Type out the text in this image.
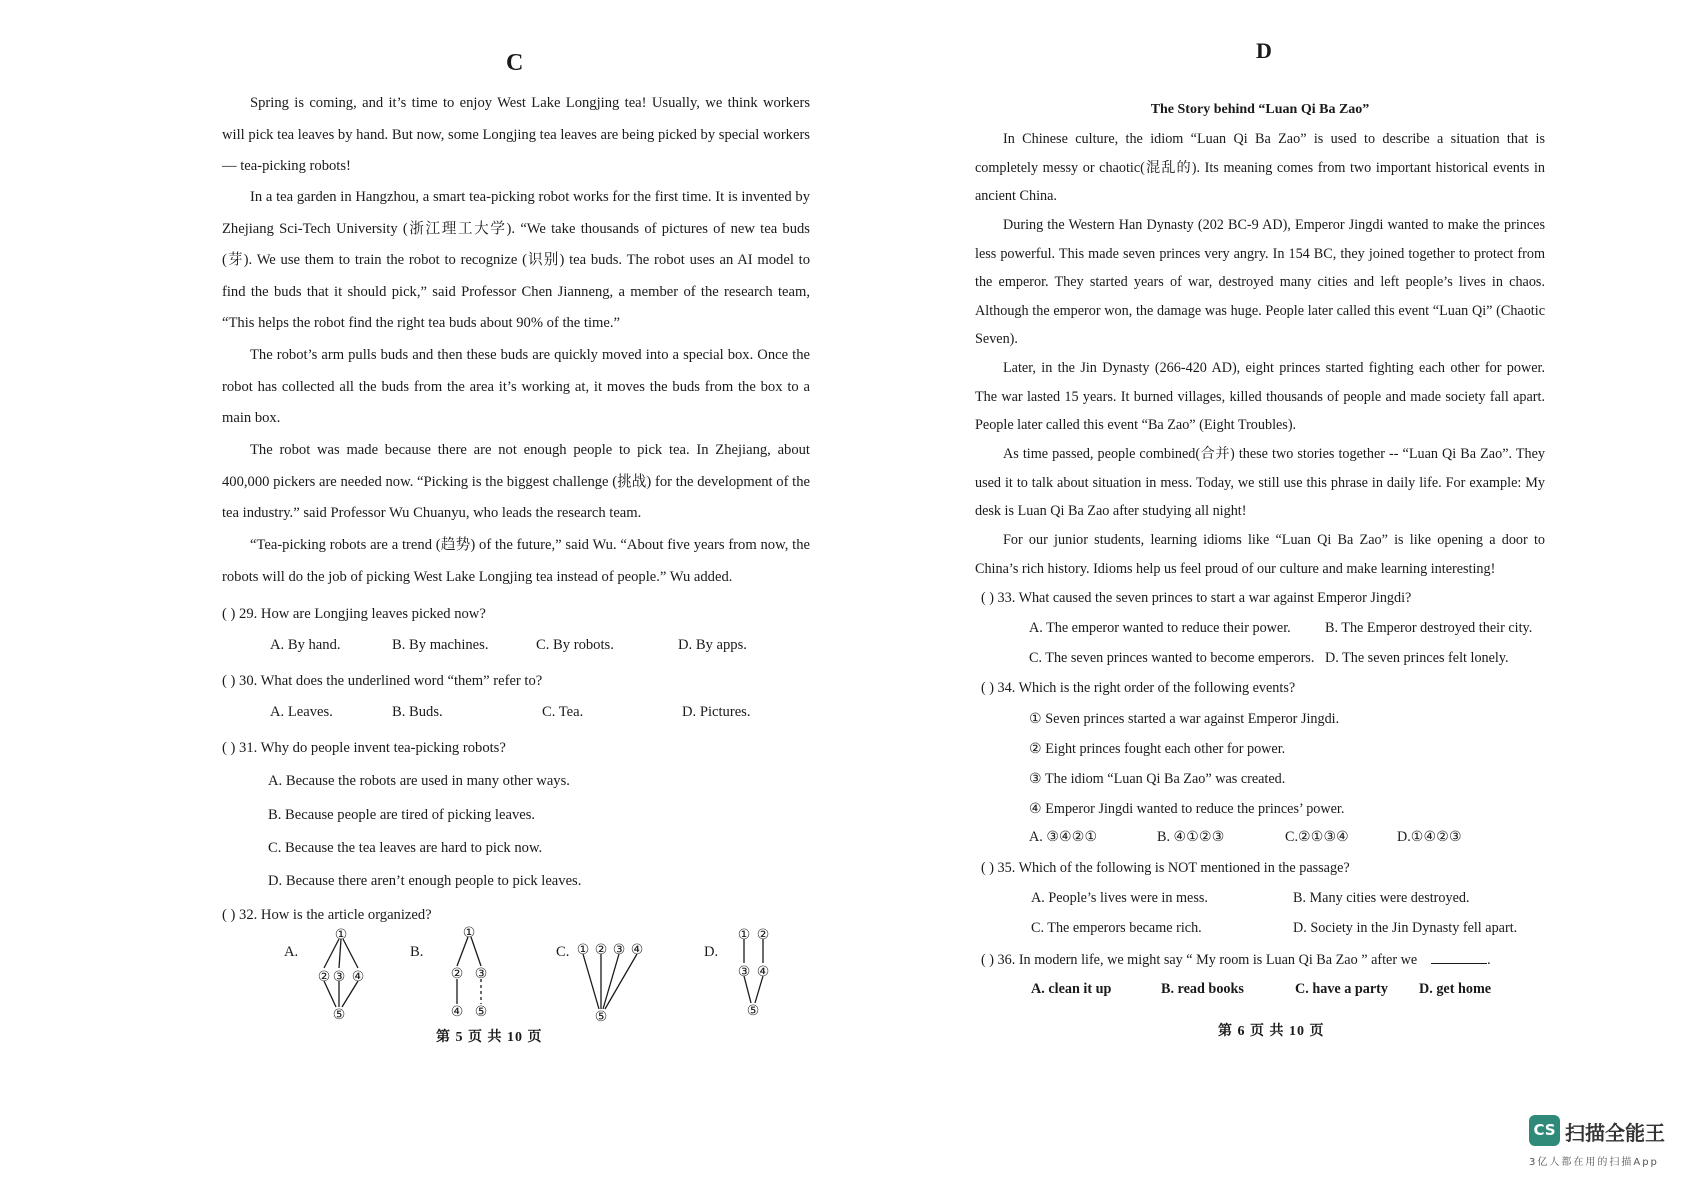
C
Spring is coming, and it’s time to enjoy West Lake Longjing tea! Usually, we think workers will pick tea leaves by hand. But now, some Longjing tea leaves are being picked by special workers — tea-picking robots!
In a tea garden in Hangzhou, a smart tea-picking robot works for the first time. It is invented by Zhejiang Sci-Tech University (浙江理工大学). “We take thousands of pictures of new tea buds (芽). We use them to train the robot to recognize (识别) tea buds. The robot uses an AI model to find the buds that it should pick,” said Professor Chen Jianneng, a member of the research team, “This helps the robot find the right tea buds about 90% of the time.”
The robot’s arm pulls buds and then these buds are quickly moved into a special box. Once the robot has collected all the buds from the area it’s working at, it moves the buds from the box to a main box.
The robot was made because there are not enough people to pick tea. In Zhejiang, about 400,000 pickers are needed now. “Picking is the biggest challenge (挑战) for the development of the tea industry.” said Professor Wu Chuanyu, who leads the research team.
“Tea-picking robots are a trend (趋势) of the future,” said Wu. “About five years from now, the robots will do the job of picking West Lake Longjing tea instead of people.” Wu added.
( ) 29. How are Longjing leaves picked now?
A. By hand.	B. By machines.	C. By robots.	D. By apps.
( ) 30. What does the underlined word “them” refer to?
A. Leaves.	B. Buds.	C. Tea.	D. Pictures.
( ) 31. Why do people invent tea-picking robots?
A. Because the robots are used in many other ways.
B. Because people are tired of picking leaves.
C. Because the tea leaves are hard to pick now.
D. Because there aren’t enough people to pick leaves.
( ) 32. How is the article organized?
A.	B.	C.	D.
①
② ③ ④
⑤
①
② ③
④ ⑤
① ② ③ ④
⑤
① ②
③ ④
⑤
第 5 页 共 10 页
D
The Story behind “Luan Qi Ba Zao”
In Chinese culture, the idiom “Luan Qi Ba Zao” is used to describe a situation that is completely messy or chaotic(混乱的). Its meaning comes from two important historical events in ancient China.
During the Western Han Dynasty (202 BC-9 AD), Emperor Jingdi wanted to make the princes less powerful. This made seven princes very angry. In 154 BC, they joined together to protect from the emperor. They started years of war, destroyed many cities and left people’s lives in chaos. Although the emperor won, the damage was huge. People later called this event “Luan Qi” (Chaotic Seven).
Later, in the Jin Dynasty (266-420 AD), eight princes started fighting each other for power. The war lasted 15 years. It burned villages, killed thousands of people and made society fall apart. People later called this event “Ba Zao” (Eight Troubles).
As time passed, people combined(合并) these two stories together -- “Luan Qi Ba Zao”. They used it to talk about situation in mess. Today, we still use this phrase in daily life. For example: My desk is Luan Qi Ba Zao after studying all night!
For our junior students, learning idioms like “Luan Qi Ba Zao” is like opening a door to China’s rich history. Idioms help us feel proud of our culture and make learning interesting!
( ) 33. What caused the seven princes to start a war against Emperor Jingdi?
A. The emperor wanted to reduce their power. B. The Emperor destroyed their city.
C. The seven princes wanted to become emperors. D. The seven princes felt lonely.
( ) 34. Which is the right order of the following events?
① Seven princes started a war against Emperor Jingdi.
② Eight princes fought each other for power.
③ The idiom “Luan Qi Ba Zao” was created.
④ Emperor Jingdi wanted to reduce the princes’ power.
A. ③④②①	B. ④①②③	C.②①③④	D.①④②③
( ) 35. Which of the following is NOT mentioned in the passage?
A. People’s lives were in mess.	B. Many cities were destroyed.
C. The emperors became rich.	D. Society in the Jin Dynasty fell apart.
( ) 36. In modern life, we might say “ My room is Luan Qi Ba Zao ” after we	.
A. clean it up	B. read books	C. have a party D. get home
第 6 页 共 10 页
CS 扫描全能王
3亿人都在用的扫描App
